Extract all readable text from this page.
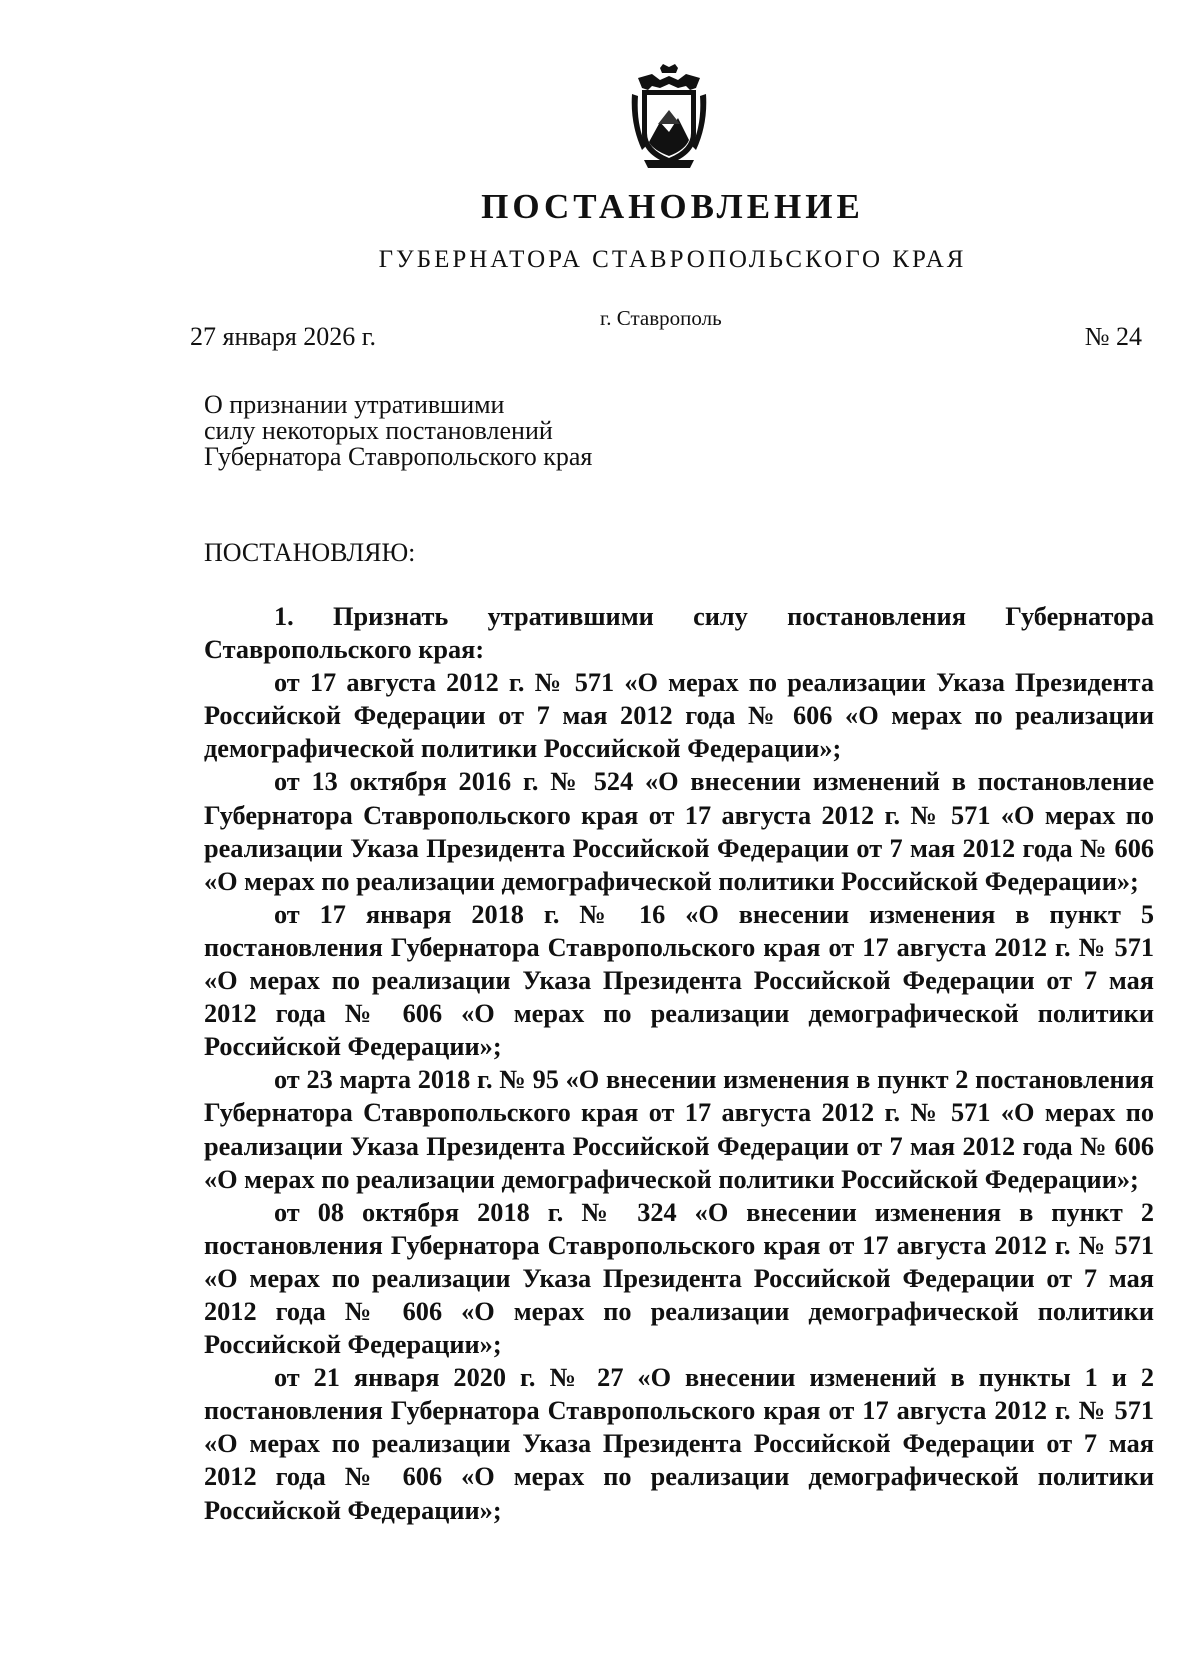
ПОСТАНОВЛЕНИЕ
ГУБЕРНАТОРА СТАВРОПОЛЬСКОГО КРАЯ
27 января 2026 г.
г. Ставрополь
№ 24
О признании утратившими
силу некоторых постановлений
Губернатора Ставропольского края
ПОСТАНОВЛЯЮ:

1. Признать утратившими силу постановления Губернатора Ставропольского края:

от 17 августа 2012 г. № 571 «О мерах по реализации Указа Президента Российской Федерации от 7 мая 2012 года № 606 «О мерах по реализации демографической политики Российской Федерации»;

от 13 октября 2016 г. № 524 «О внесении изменений в постановление Губернатора Ставропольского края от 17 августа 2012 г. № 571 «О мерах по реализации Указа Президента Российской Федерации от 7 мая 2012 года № 606 «О мерах по реализации демографической политики Российской Федерации»;

от 17 января 2018 г. № 16 «О внесении изменения в пункт 5 постановления Губернатора Ставропольского края от 17 августа 2012 г. № 571 «О мерах по реализации Указа Президента Российской Федерации от 7 мая 2012 года № 606 «О мерах по реализации демографической политики Российской Федерации»;

от 23 марта 2018 г. № 95 «О внесении изменения в пункт 2 постановления Губернатора Ставропольского края от 17 августа 2012 г. № 571 «О мерах по реализации Указа Президента Российской Федерации от 7 мая 2012 года № 606 «О мерах по реализации демографической политики Российской Федерации»;

от 08 октября 2018 г. № 324 «О внесении изменения в пункт 2 постановления Губернатора Ставропольского края от 17 августа 2012 г. № 571 «О мерах по реализации Указа Президента Российской Федерации от 7 мая 2012 года № 606 «О мерах по реализации демографической политики Российской Федерации»;

от 21 января 2020 г. № 27 «О внесении изменений в пункты 1 и 2 постановления Губернатора Ставропольского края от 17 августа 2012 г. № 571 «О мерах по реализации Указа Президента Российской Федерации от 7 мая 2012 года № 606 «О мерах по реализации демографической политики Российской Федерации»;
